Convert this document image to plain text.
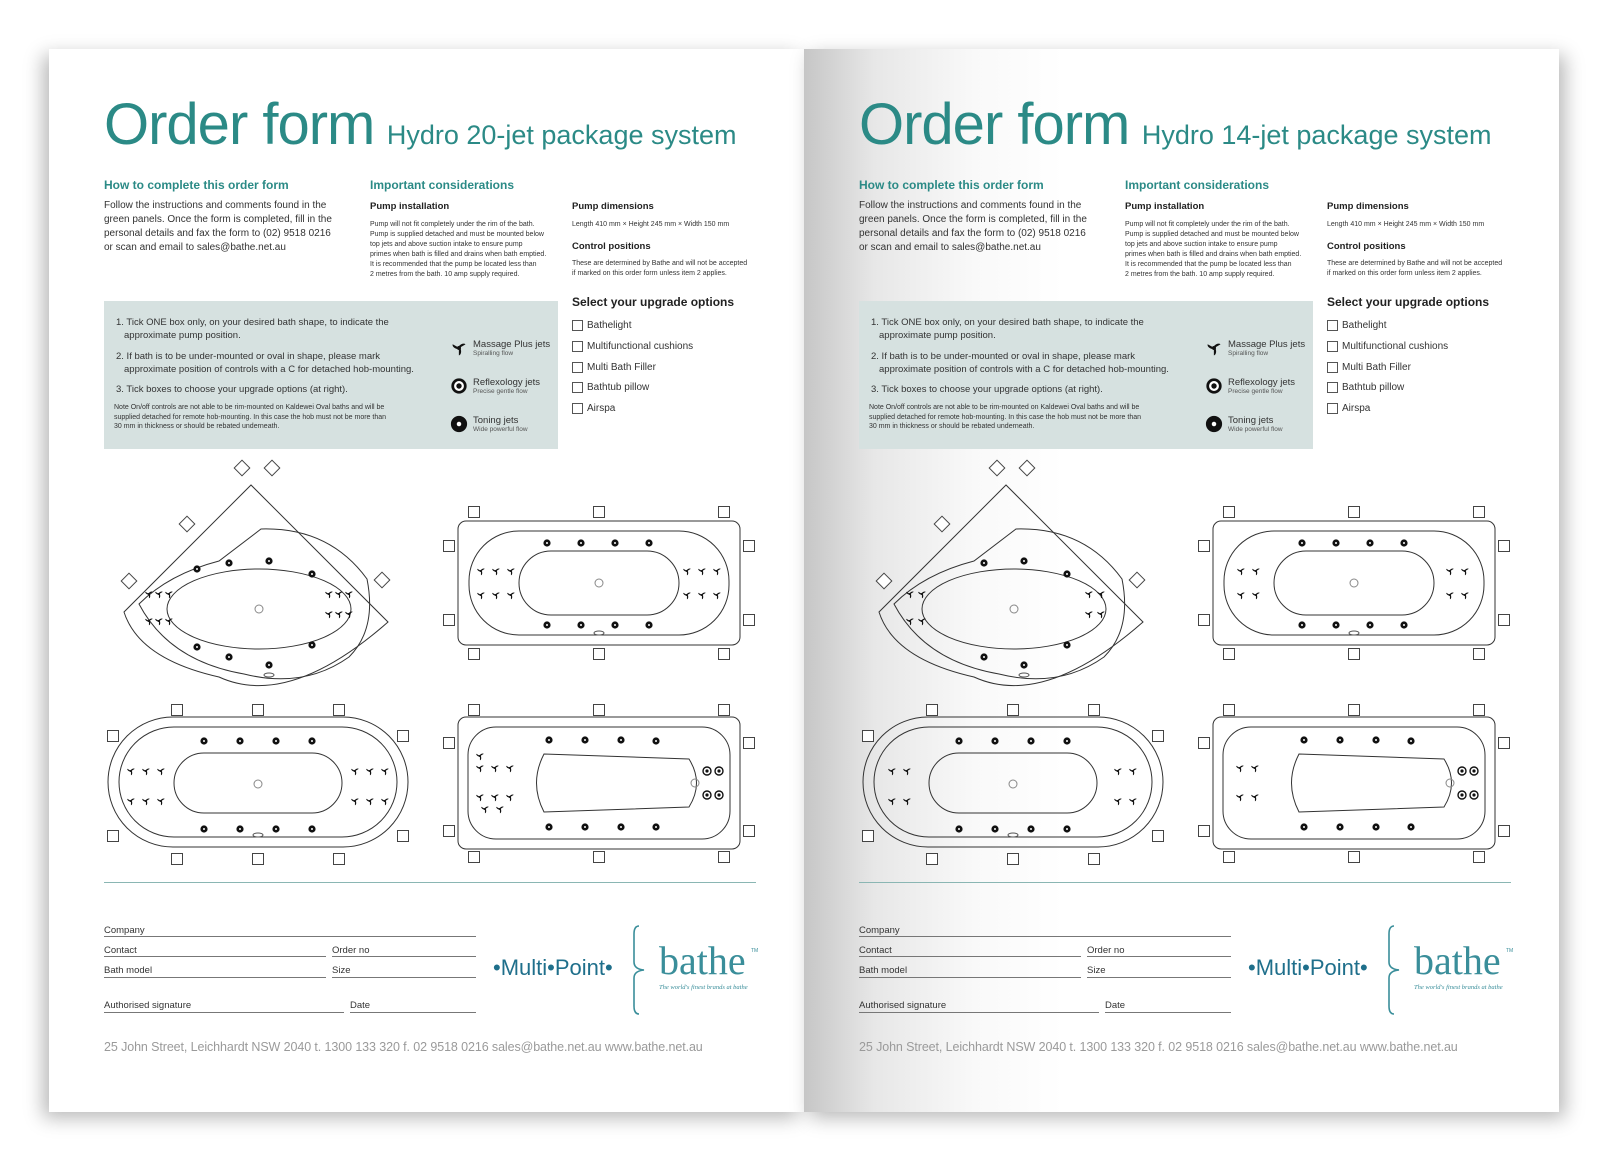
Order form Hydro 20-jet package system
How to complete this order form
Follow the instructions and comments found in the
green panels. Once the form is completed, fill in the
personal details and fax the form to (02) 9518 0216
or scan and email to sales@bathe.net.au
Important considerations
Pump installation
Pump will not fit completely under the rim of the bath.
Pump is supplied detached and must be mounted below
top jets and above suction intake to ensure pump
primes when bath is filled and drains when bath emptied.
It is recommended that the pump be located less than
2 metres from the bath. 10 amp supply required.
Pump dimensions
Length 410 mm × Height 245 mm × Width 150 mm
Control positions
These are determined by Bathe and will not be accepted
if marked on this order form unless item 2 applies.
1. Tick ONE box only, on your desired bath shape, to indicate the
approximate pump position.
2. If bath is to be under-mounted or oval in shape, please mark
approximate position of controls with a C for detached hob-mounting.
3. Tick boxes to choose your upgrade options (at right).
Note On/off controls are not able to be rim-mounted on Kaldewei Oval baths and will be
supplied detached for remote hob-mounting. In this case the hob must not be more than
30 mm in thickness or should be rebated underneath.
Massage Plus jets
Spiralling flow
Reflexology jets
Precise gentle flow
Toning jets
Wide powerful flow
Select your upgrade options
Bathelight
Multifunctional cushions
Multi Bath Filler
Bathtub pillow
Airspa
Company
Contact	Order no
Bath model	Size
Authorised signature	Date
•Multi•Point• bathe TM
The world's finest brands at bathe
25 John Street, Leichhardt NSW 2040 t. 1300 133 320 f. 02 9518 0216 sales@bathe.net.au www.bathe.net.au
Order form Hydro 14-jet package system
How to complete this order form
Follow the instructions and comments found in the
green panels. Once the form is completed, fill in the
personal details and fax the form to (02) 9518 0216
or scan and email to sales@bathe.net.au
Important considerations
Pump installation
Pump will not fit completely under the rim of the bath.
Pump is supplied detached and must be mounted below
top jets and above suction intake to ensure pump
primes when bath is filled and drains when bath emptied.
It is recommended that the pump be located less than
2 metres from the bath. 10 amp supply required.
Pump dimensions
Length 410 mm × Height 245 mm × Width 150 mm
Control positions
These are determined by Bathe and will not be accepted
if marked on this order form unless item 2 applies.
1. Tick ONE box only, on your desired bath shape, to indicate the
approximate pump position.
2. If bath is to be under-mounted or oval in shape, please mark
approximate position of controls with a C for detached hob-mounting.
3. Tick boxes to choose your upgrade options (at right).
Note On/off controls are not able to be rim-mounted on Kaldewei Oval baths and will be
supplied detached for remote hob-mounting. In this case the hob must not be more than
30 mm in thickness or should be rebated underneath.
Massage Plus jets
Spiralling flow
Reflexology jets
Precise gentle flow
Toning jets
Wide powerful flow
Select your upgrade options
Bathelight
Multifunctional cushions
Multi Bath Filler
Bathtub pillow
Airspa
Company
Contact	Order no
Bath model	Size
Authorised signature	Date
•Multi•Point• bathe TM
The world's finest brands at bathe
25 John Street, Leichhardt NSW 2040 t. 1300 133 320 f. 02 9518 0216 sales@bathe.net.au www.bathe.net.au
